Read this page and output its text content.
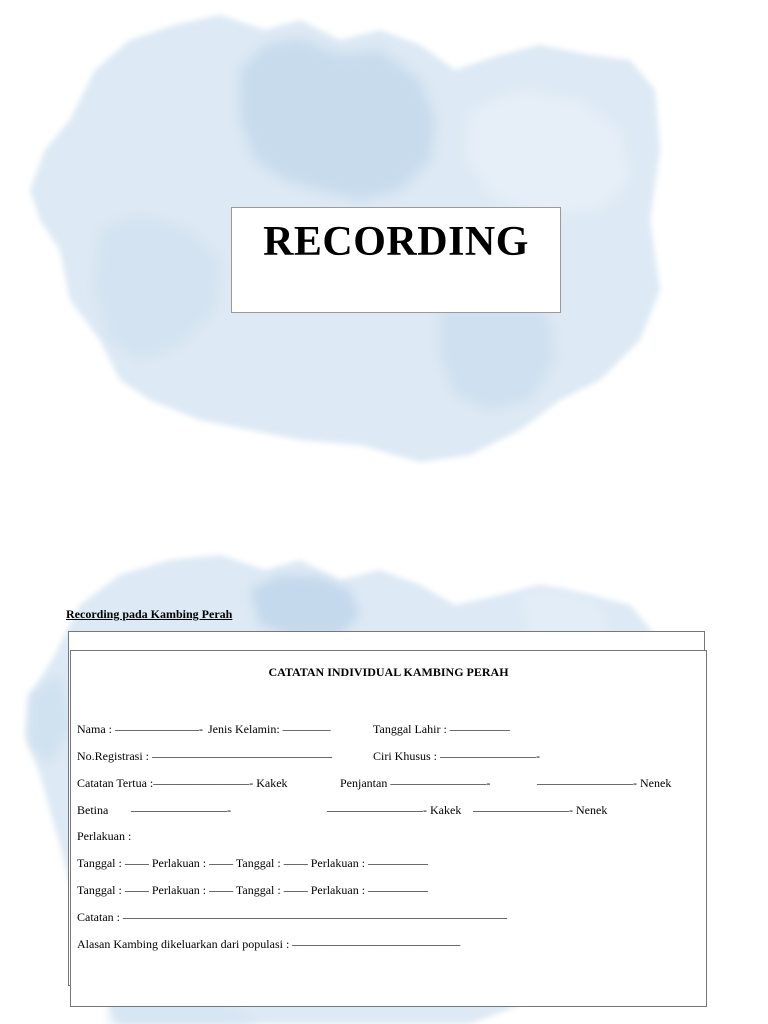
RECORDING
Recording pada Kambing Perah
CATATAN INDIVIDUAL KAMBING PERAH
Nama : ———————- Jenis Kelamin: ————	Tanggal Lahir : —————
No.Registrasi : ———————————————	Ciri Khusus : ————————-
Catatan Tertua :————————- Kakek	Penjantan ————————-	————————- Nenek
Betina ————————-	————————- Kakek ————————- Nenek
Perlakuan :
Tanggal : —— Perlakuan : —— Tanggal : —— Perlakuan : —————
Tanggal : —— Perlakuan : —— Tanggal : —— Perlakuan : —————
Catatan : ————————————————————————————————
Alasan Kambing dikeluarkan dari populasi : ——————————————
